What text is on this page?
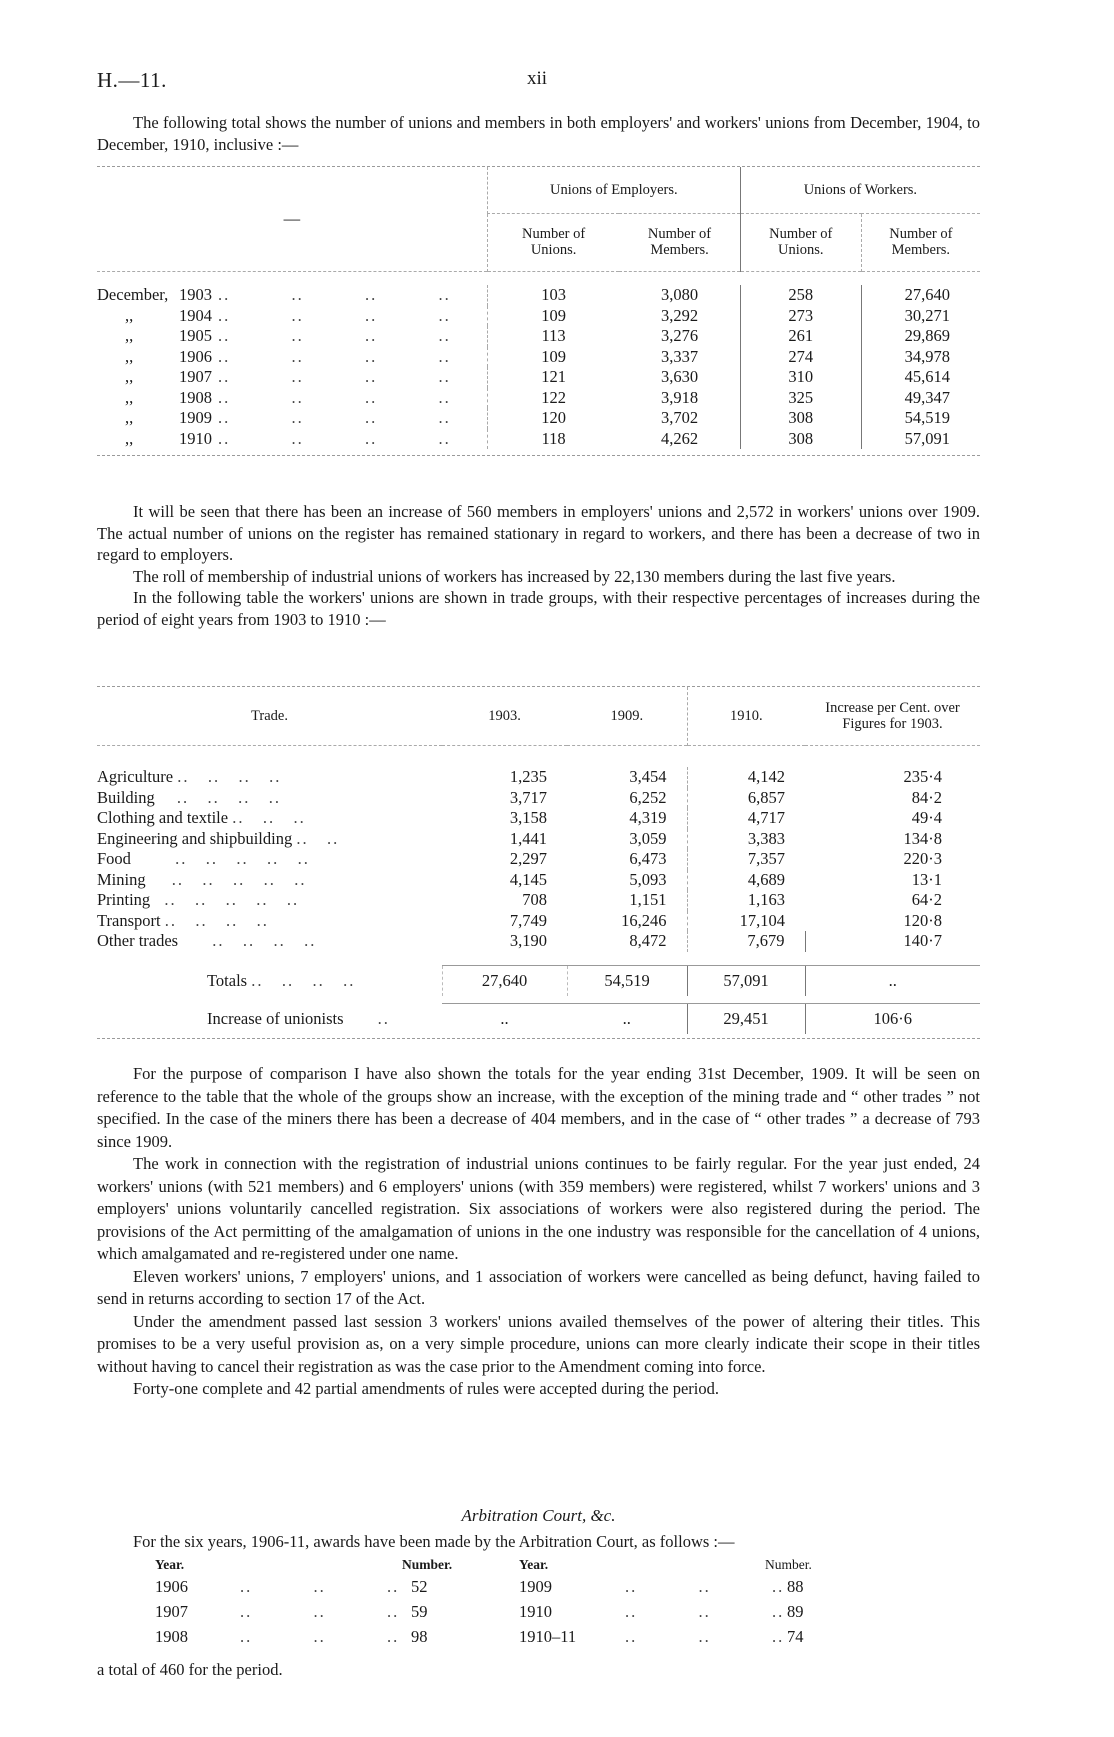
H.—11.	xii

The following total shows the number of unions and members in both employers' and workers' unions from December, 1904, to December, 1910, inclusive :—

—	Unions of Employers.		Unions of Workers.	
	Number of Unions.	Number of Members.	Number of Unions.	Number of Members.

December, 1903 ..          ..          ..          ..	103	3,080	258	27,640
,, 1904 ..          ..          ..          ..	109	3,292	273	30,271
,, 1905 ..          ..          ..          ..	113	3,276	261	29,869
,, 1906 ..          ..          ..          ..	109	3,337	274	34,978
,, 1907 ..          ..          ..          ..	121	3,630	310	45,614
,, 1908 ..          ..          ..          ..	122	3,918	325	49,347
,, 1909 ..          ..          ..          ..	120	3,702	308	54,519
,, 1910 ..          ..          ..          ..	118	4,262	308	57,091

It will be seen that there has been an increase of 560 members in employers' unions and 2,572 in workers' unions over 1909. The actual number of unions on the register has remained stationary in regard to workers, and there has been a decrease of two in regard to employers.

The roll of membership of industrial unions of workers has increased by 22,130 members during the last five years.

In the following table the workers' unions are shown in trade groups, with their respective percentages of increases during the period of eight years from 1903 to 1910 :—

Trade.	1903.	1909.	1910.	Increase per Cent. over Figures for 1903.

Agriculture ..   ..   ..   ..	1,235	3,454	4,142	235·4
Building ..   ..   ..   ..	3,717	6,252	6,857	84·2
Clothing and textile ..   ..   ..	3,158	4,319	4,717	49·4
Engineering and shipbuilding ..   ..	1,441	3,059	3,383	134·8
Food ..   ..   ..   ..   ..	2,297	6,473	7,357	220·3
Mining ..   ..   ..   ..   ..	4,145	5,093	4,689	13·1
Printing ..   ..   ..   ..   ..	708	1,151	1,163	64·2
Transport ..   ..   ..   ..	7,749	16,246	17,104	120·8
Other trades ..   ..   ..   ..	3,190	8,472	7,679	140·7

Totals ..   ..   ..   ..	27,640	54,519	57,091	..

Increase of unionists ..	..	..	29,451	106·6

For the purpose of comparison I have also shown the totals for the year ending 31st December, 1909. It will be seen on reference to the table that the whole of the groups show an increase, with the exception of the mining trade and “ other trades ” not specified. In the case of the miners there has been a decrease of 404 members, and in the case of “ other trades ” a decrease of 793 since 1909.

The work in connection with the registration of industrial unions continues to be fairly regular. For the year just ended, 24 workers' unions (with 521 members) and 6 employers' unions (with 359 members) were registered, whilst 7 workers' unions and 3 employers' unions voluntarily cancelled registration. Six associations of workers were also registered during the period. The provisions of the Act permitting of the amalgamation of unions in the one industry was responsible for the cancellation of 4 unions, which amalgamated and re-registered under one name.

Eleven workers' unions, 7 employers' unions, and 1 association of workers were cancelled as being defunct, having failed to send in returns according to section 17 of the Act.

Under the amendment passed last session 3 workers' unions availed themselves of the power of altering their titles. This promises to be a very useful provision as, on a very simple procedure, unions can more clearly indicate their scope in their titles without having to cancel their registration as was the case prior to the Amendment coming into force.

Forty-one complete and 42 partial amendments of rules were accepted during the period.

Arbitration Court, &c.

For the six years, 1906-11, awards have been made by the Arbitration Court, as follows :—

Year.	Number.	Year.	Number.
1906	..          ..          .. 52	1909	..          ..          .. 88
1907	..          ..          .. 59	1910	..          ..          .. 89
1908	..          ..          .. 98	1910–11	..          ..          .. 74

a total of 460 for the period.
